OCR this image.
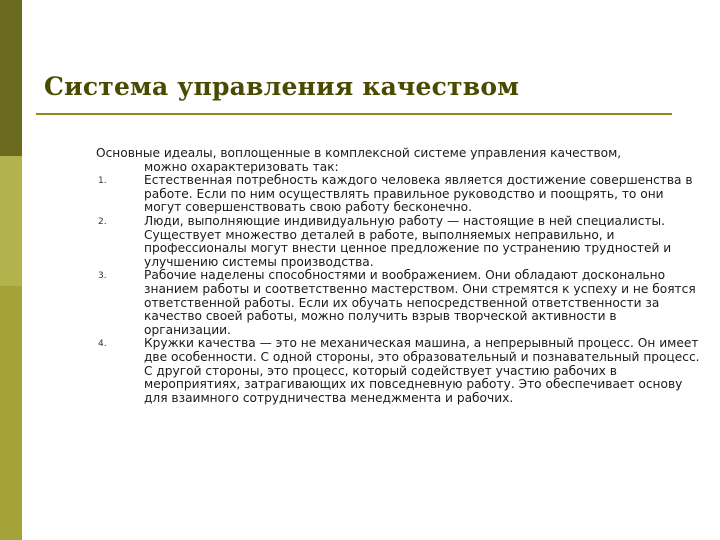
Система управления качеством

Основные идеалы, воплощенные в комплексной системе управления качеством,
можно охарактеризовать так:

1.	Естественная потребность каждого человека является достижение совершенства в работе. Если по ним осуществлять правильное руководство и поощрять, то они могут совершенствовать свою работу бесконечно.
2.	Люди, выполняющие индивидуальную работу — настоящие в ней специалисты. Существует множество деталей в работе, выполняемых неправильно, и профессионалы могут внести ценное предложение по устранению трудностей и улучшению системы производства.
3.	Рабочие наделены способностями и воображением. Они обладают досконально знанием работы и соответственно мастерством. Они стремятся к успеху и не боятся ответственной работы. Если их обучать непосредственной ответственности за качество своей работы, можно получить взрыв творческой активности в организации.
4.	Кружки качества — это не механическая машина, а непрерывный процесс. Он имеет две особенности. С одной стороны, это образовательный и познавательный процесс. С другой стороны, это процесс, который содействует участию рабочих в мероприятиях, затрагивающих их повседневную работу. Это обеспечивает основу для взаимного сотрудничества менеджмента и рабочих.
